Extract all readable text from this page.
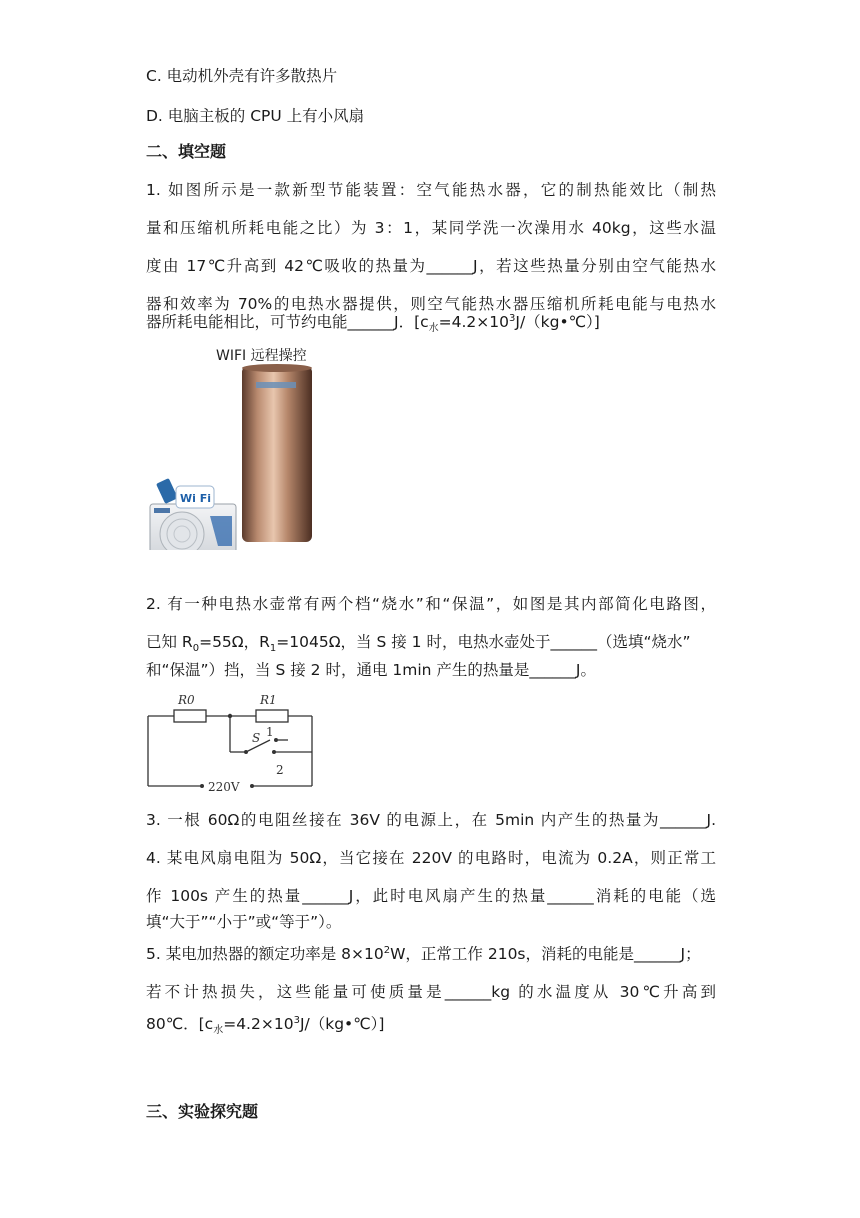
C. 电动机外壳有许多散热片
D. 电脑主板的 CPU 上有小风扇
二、填空题
1. 如图所示是一款新型节能装置：空气能热水器，它的制热能效比（制热
量和压缩机所耗电能之比）为 3：1，某同学洗一次澡用水 40kg，这些水温
度由 17℃升高到 42℃吸收的热量为______J，若这些热量分别由空气能热水
器和效率为 70%的电热水器提供，则空气能热水器压缩机所耗电能与电热水
器所耗电能相比，可节约电能______J．$[c_水=4.2\times 10^3J/(kg•℃)]$
WIFI 远程操控
Wi Fi
2. 有一种电热水壶常有两个档“烧水”和“保温”，如图是其内部简化电路图，
已知 $R_0=55\Omega$，$R_1=1045\Omega$，当 S 接 1 时，电热水壶处于______（选填“烧水”
和“保温”）挡，当 S 接 2 时，通电 1min 产生的热量是______J。
R0	R1
S 1
2
220V
3. 一根 60Ω的电阻丝接在 36V 的电源上，在 5min 内产生的热量为______J.
4. 某电风扇电阻为 50Ω，当它接在 220V 的电路时，电流为 0.2A，则正常工
作 100s 产生的热量______J，此时电风扇产生的热量______消耗的电能（选
填“大于”“小于”或“等于”）。
5. 某电加热器的额定功率是 $8\times 10^2W$，正常工作 210s，消耗的电能是______J；
若不计热损失，这些能量可使质量是______kg 的水温度从 30℃升高到
80℃．$[c_水=4.2\times 10^3J/(kg•℃)]$
三、实验探究题
